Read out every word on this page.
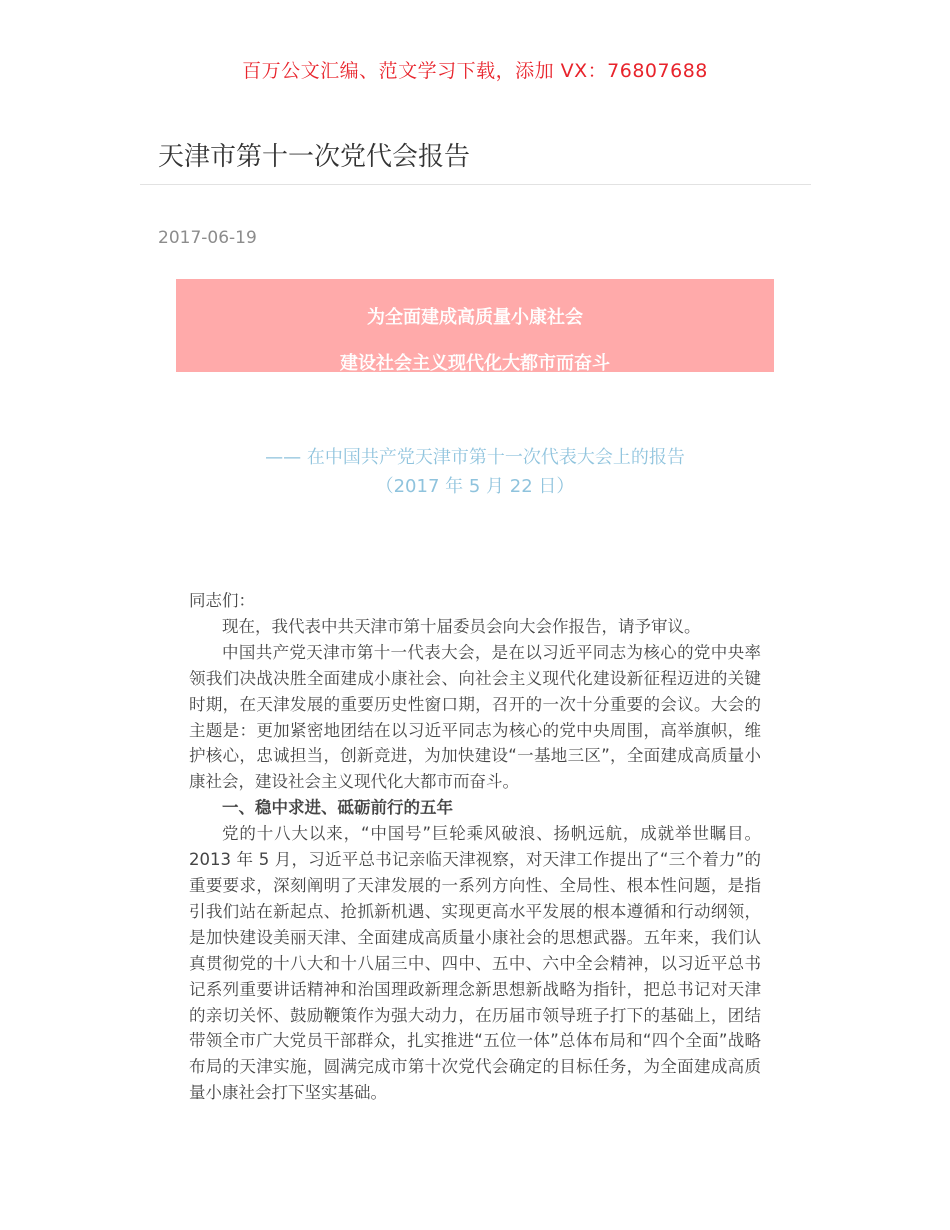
百万公文汇编、范文学习下载，添加 VX：76807688
天津市第十一次党代会报告
2017-06-19
为全面建成高质量小康社会
建设社会主义现代化大都市而奋斗
—— 在中国共产党天津市第十一次代表大会上的报告
（2017 年 5 月 22 日）

同志们：

现在，我代表中共天津市第十届委员会向大会作报告，请予审议。

中国共产党天津市第十一代表大会，是在以习近平同志为核心的党中央率领我们决战决胜全面建成小康社会、向社会主义现代化建设新征程迈进的关键时期，在天津发展的重要历史性窗口期，召开的一次十分重要的会议。大会的主题是：更加紧密地团结在以习近平同志为核心的党中央周围，高举旗帜，维护核心，忠诚担当，创新竞进，为加快建设“一基地三区”，全面建成高质量小康社会，建设社会主义现代化大都市而奋斗。

一、稳中求进、砥砺前行的五年

党的十八大以来，“中国号”巨轮乘风破浪、扬帆远航，成就举世瞩目。2013 年 5 月，习近平总书记亲临天津视察，对天津工作提出了“三个着力”的重要要求，深刻阐明了天津发展的一系列方向性、全局性、根本性问题，是指引我们站在新起点、抢抓新机遇、实现更高水平发展的根本遵循和行动纲领，是加快建设美丽天津、全面建成高质量小康社会的思想武器。五年来，我们认真贯彻党的十八大和十八届三中、四中、五中、六中全会精神，以习近平总书记系列重要讲话精神和治国理政新理念新思想新战略为指针，把总书记对天津的亲切关怀、鼓励鞭策作为强大动力，在历届市领导班子打下的基础上，团结带领全市广大党员干部群众，扎实推进“五位一体”总体布局和“四个全面”战略布局的天津实施，圆满完成市第十次党代会确定的目标任务，为全面建成高质量小康社会打下坚实基础。
